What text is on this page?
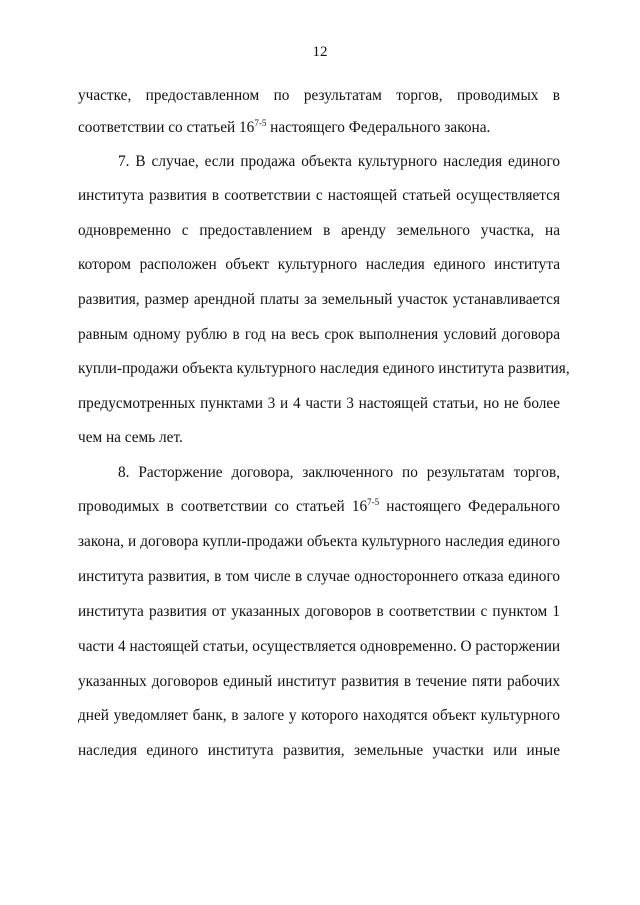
12
участке, предоставленном по результатам торгов, проводимых в
соответствии со статьей 16$^{7-5}$ настоящего Федерального закона.
7. В случае, если продажа объекта культурного наследия единого
института развития в соответствии с настоящей статьей осуществляется
одновременно с предоставлением в аренду земельного участка, на
котором расположен объект культурного наследия единого института
развития, размер арендной платы за земельный участок устанавливается
равным одному рублю в год на весь срок выполнения условий договора
купли-продажи объекта культурного наследия единого института развития,
предусмотренных пунктами 3 и 4 части 3 настоящей статьи, но не более
чем на семь лет.
8. Расторжение договора, заключенного по результатам торгов,
проводимых в соответствии со статьей 16$^{7-5}$ настоящего Федерального
закона, и договора купли-продажи объекта культурного наследия единого
института развития, в том числе в случае одностороннего отказа единого
института развития от указанных договоров в соответствии с пунктом 1
части 4 настоящей статьи, осуществляется одновременно. О расторжении
указанных договоров единый институт развития в течение пяти рабочих
дней уведомляет банк, в залоге у которого находятся объект культурного
наследия единого института развития, земельные участки или иные
